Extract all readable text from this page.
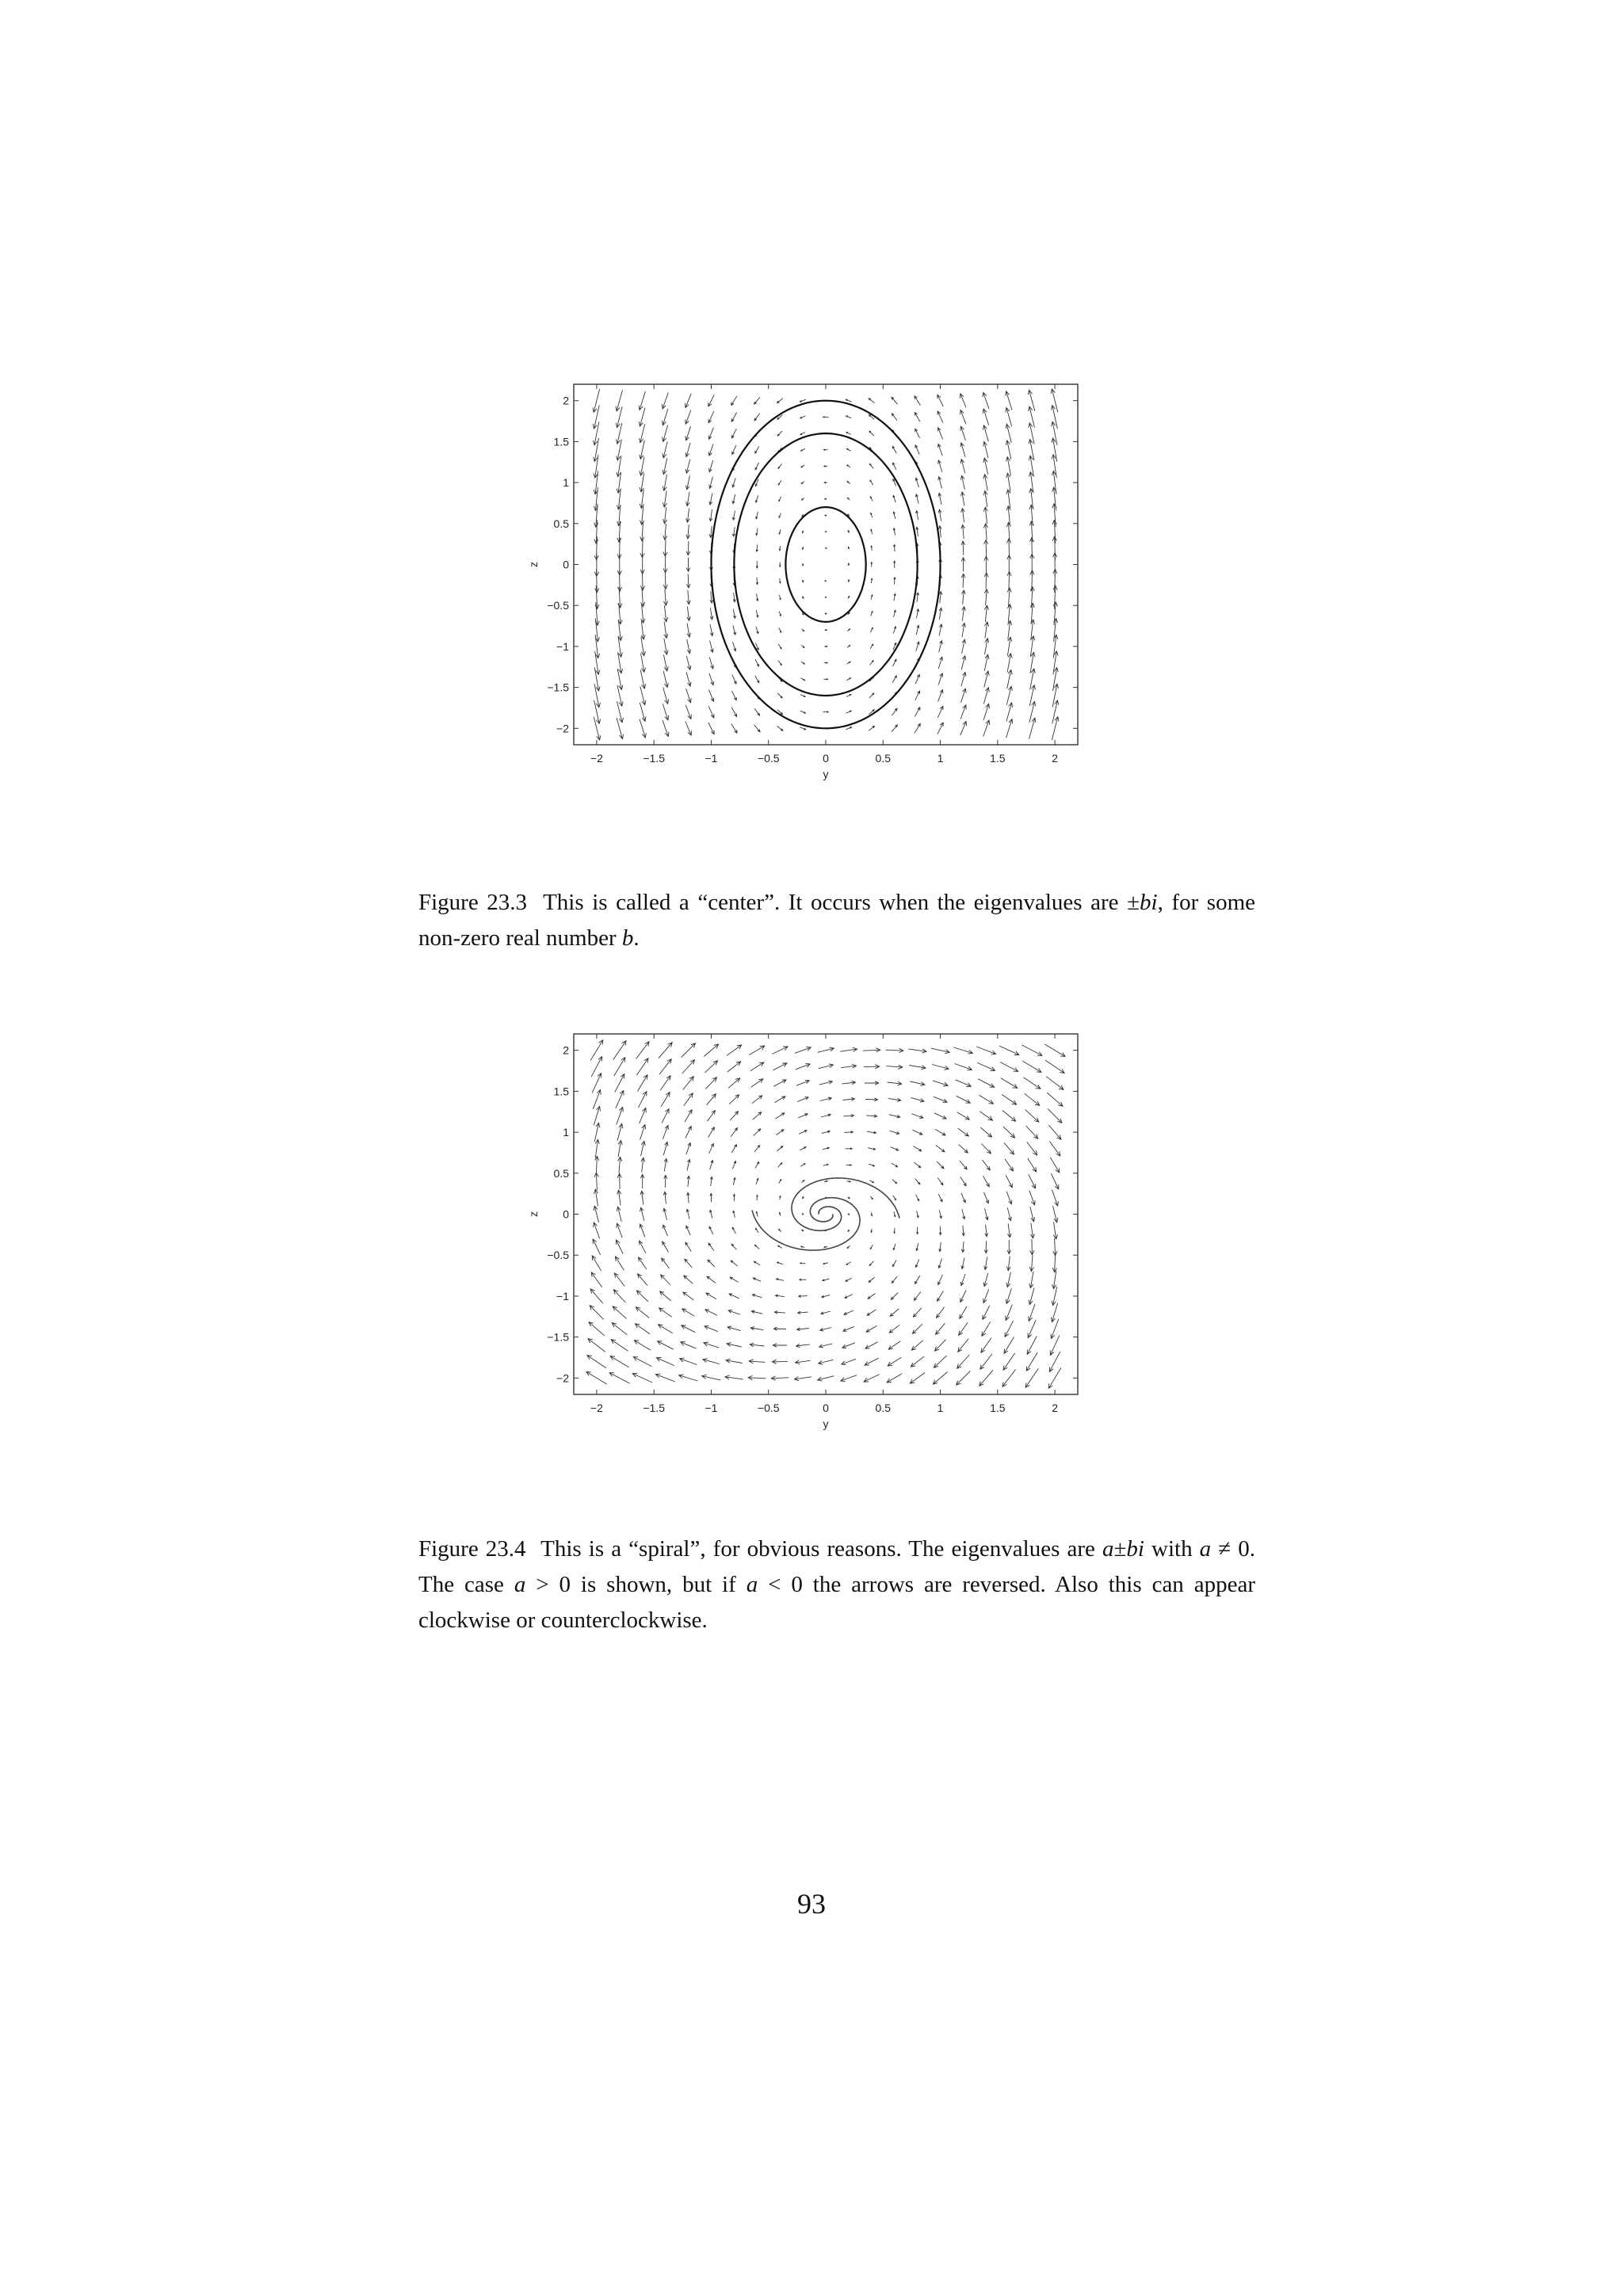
−2	−1.5	−1	−0.5	0	0.5	1	1.5	2
−2
−1.5
−1
−0.5
0
0.5
1
1.5
2
y
z
Figure 23.3 This is called a “center”. It occurs when the eigenvalues are ±bi, for some non-zero real number b.
−2	−1.5	−1	−0.5	0	0.5	1	1.5	2
−2
−1.5
−1
−0.5
0
0.5
1
1.5
2
y
z
Figure 23.4 This is a “spiral”, for obvious reasons. The eigenvalues are a±bi with a ≠ 0. The case a > 0 is shown, but if a < 0 the arrows are reversed. Also this can appear clockwise or counterclockwise.
93
